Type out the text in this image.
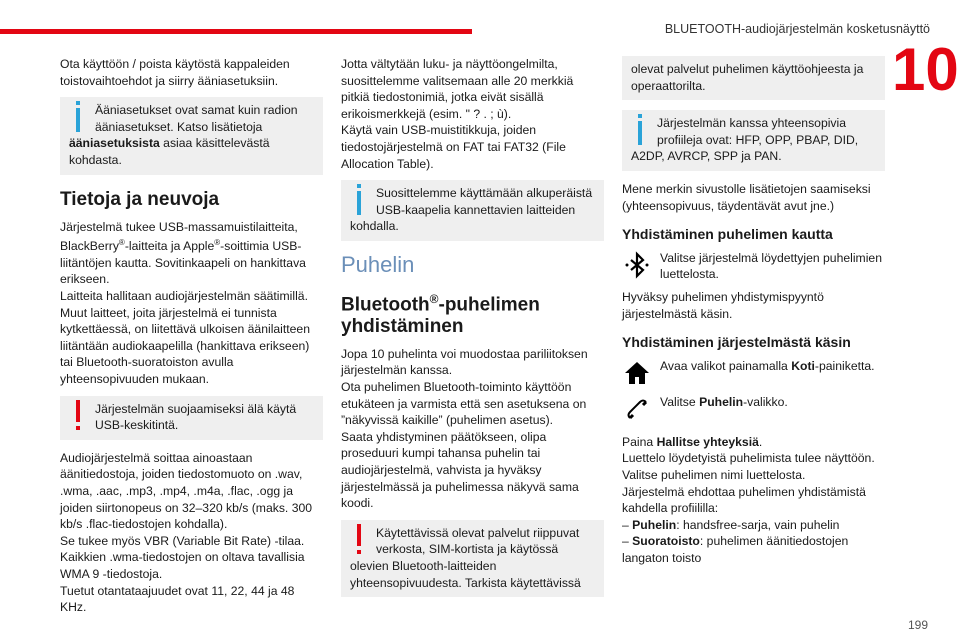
BLUETOOTH-audiojärjestelmän kosketusnäyttö
10
199

Ota käyttöön / poista käytöstä kappaleiden toistovaihtoehdot ja siirry ääniasetuksiin.

Ääniasetukset ovat samat kuin radion ääniasetukset. Katso lisätietoja ääniasetuksista asiaa käsittelevästä kohdasta.
Tietoja ja neuvoja

Järjestelmä tukee USB-massamuistilaitteita, BlackBerry®-laitteita ja Apple®-soittimia USB-liitäntöjen kautta. Sovitinkaapeli on hankittava erikseen.

Laitteita hallitaan audiojärjestelmän säätimillä.

Muut laitteet, joita järjestelmä ei tunnista kytkettäessä, on liitettävä ulkoisen äänilaitteen liitäntään audiokaapelilla (hankittava erikseen) tai Bluetooth-suoratoiston avulla yhteensopivuuden mukaan.

Järjestelmän suojaamiseksi älä käytä USB-keskitintä.

Audiojärjestelmä soittaa ainoastaan äänitiedostoja, joiden tiedostomuoto on .wav, .wma, .aac, .mp3, .mp4, .m4a, .flac, .ogg ja joiden siirtonopeus on 32–320 kb/s (maks. 300 kb/s .flac-tiedostojen kohdalla).

Se tukee myös VBR (Variable Bit Rate) -tilaa.

Kaikkien .wma-tiedostojen on oltava tavallisia WMA 9 -tiedostoja.

Tuetut otantataajuudet ovat 11, 22, 44 ja 48 KHz.

Jotta vältytään luku- ja näyttöongelmilta, suosittelemme valitsemaan alle 20 merkkiä pitkiä tiedostonimiä, jotka eivät sisällä erikoismerkkejä (esim. " ? . ; ù).

Käytä vain USB-muistitikkuja, joiden tiedostojärjestelmä on FAT tai FAT32 (File Allocation Table).

Suosittelemme käyttämään alkuperäistä USB-kaapelia kannettavien laitteiden kohdalla.
Puhelin
Bluetooth®-puhelimen yhdistäminen

Jopa 10 puhelinta voi muodostaa pariliitoksen järjestelmän kanssa.

Ota puhelimen Bluetooth-toiminto käyttöön etukäteen ja varmista että sen asetuksena on ”näkyvissä kaikille” (puhelimen asetus).

Saata yhdistyminen päätökseen, olipa proseduuri kumpi tahansa puhelin tai audiojärjestelmä, vahvista ja hyväksy järjestelmässä ja puhelimessa näkyvä sama koodi.

Käytettävissä olevat palvelut riippuvat verkosta, SIM-kortista ja käytössä olevien Bluetooth-laitteiden yhteensopivuudesta. Tarkista käytettävissä
olevat palvelut puhelimen käyttöohjeesta ja operaattorilta.
Järjestelmän kanssa yhteensopivia profiileja ovat: HFP, OPP, PBAP, DID, A2DP, AVRCP, SPP ja PAN.

Mene merkin sivustolle lisätietojen saamiseksi (yhteensopivuus, täydentävät avut jne.)

Yhdistäminen puhelimen kautta
Valitse järjestelmä löydettyjen puhelimien luettelosta.

Hyväksy puhelimen yhdistymispyyntö järjestelmästä käsin.

Yhdistäminen järjestelmästä käsin
Avaa valikot painamalla Koti-painiketta.
Valitse Puhelin-valikko.

Paina Hallitse yhteyksiä.

Luettelo löydetyistä puhelimista tulee näyttöön.

Valitse puhelimen nimi luettelosta.

Järjestelmä ehdottaa puhelimen yhdistämistä kahdella profiililla:

– Puhelin: handsfree-sarja, vain puhelin

– Suoratoisto: puhelimen äänitiedostojen langaton toisto
